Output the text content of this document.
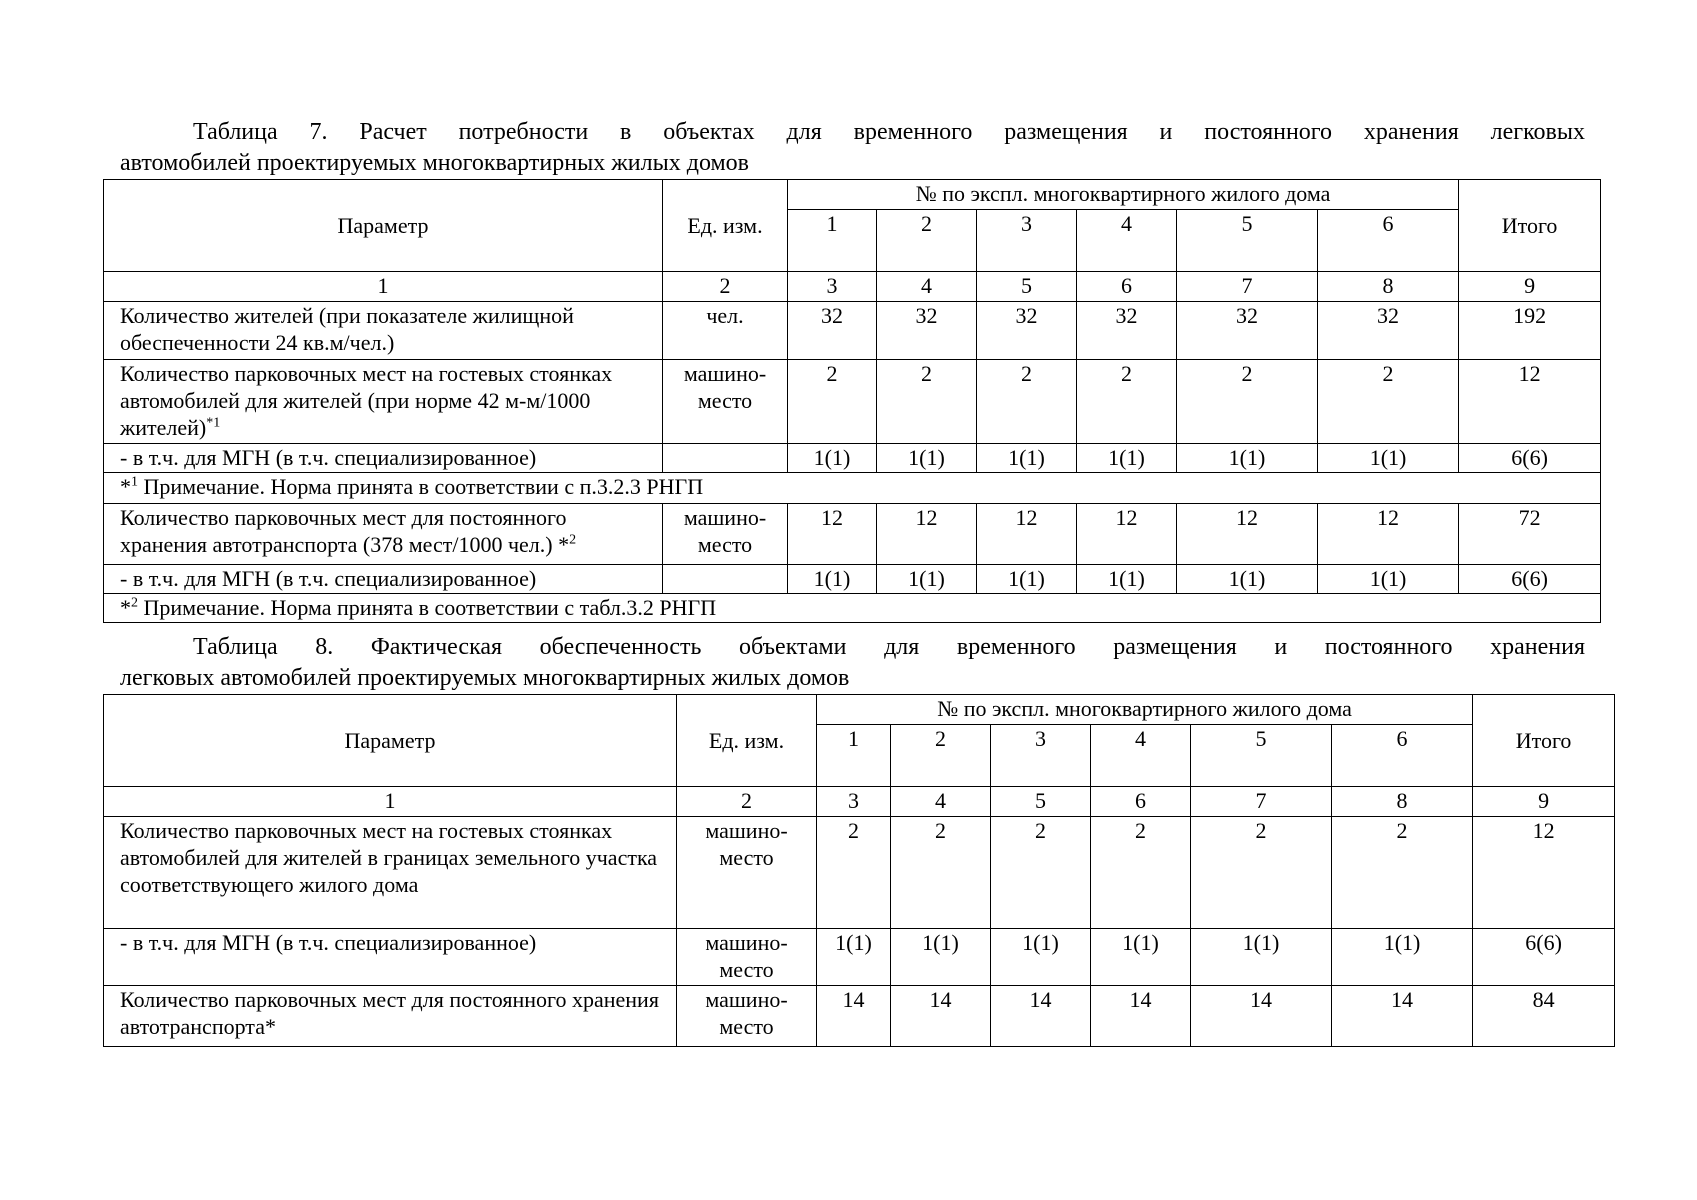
Таблица 7. Расчет потребности в объектах для временного размещения и постоянного хранения легковых
автомобилей проектируемых многоквартирных жилых домов
Параметр	Ед. изм.	№ по экспл. многоквартирного жилого дома						Итого
		1	2	3	4	5	6	
1	2	3	4	5	6	7	8	9
Количество жителей (при показателе жилищной обеспеченности 24 кв.м/чел.)	чел.	32	32	32	32	32	32	192
Количество парковочных мест на гостевых стоянках автомобилей для жителей (при норме 42 м-м/1000 жителей)$^{*1}$	машино-место	2	2	2	2	2	2	12
- в т.ч. для МГН (в т.ч. специализированное)		1(1)	1(1)	1(1)	1(1)	1(1)	1(1)	6(6)
*$^1$ Примечание. Норма принята в соответствии с п.3.2.3 РНГП								
Количество парковочных мест для постоянного хранения автотранспорта (378 мест/1000 чел.) *$^2$	машино-место	12	12	12	12	12	12	72
- в т.ч. для МГН (в т.ч. специализированное)		1(1)	1(1)	1(1)	1(1)	1(1)	1(1)	6(6)
*$^2$ Примечание. Норма принята в соответствии с табл.3.2 РНГП								
Таблица 8. Фактическая обеспеченность объектами для временного размещения и постоянного хранения
легковых автомобилей проектируемых многоквартирных жилых домов
Параметр	Ед. изм.	№ по экспл. многоквартирного жилого дома						Итого
		1	2	3	4	5	6	
1	2	3	4	5	6	7	8	9
Количество парковочных мест на гостевых стоянках автомобилей для жителей в границах земельного участка соответствующего жилого дома	машино-место	2	2	2	2	2	2	12
- в т.ч. для МГН (в т.ч. специализированное)	машино-место	1(1)	1(1)	1(1)	1(1)	1(1)	1(1)	6(6)
Количество парковочных мест для постоянного хранения автотранспорта*	машино-место	14	14	14	14	14	14	84
